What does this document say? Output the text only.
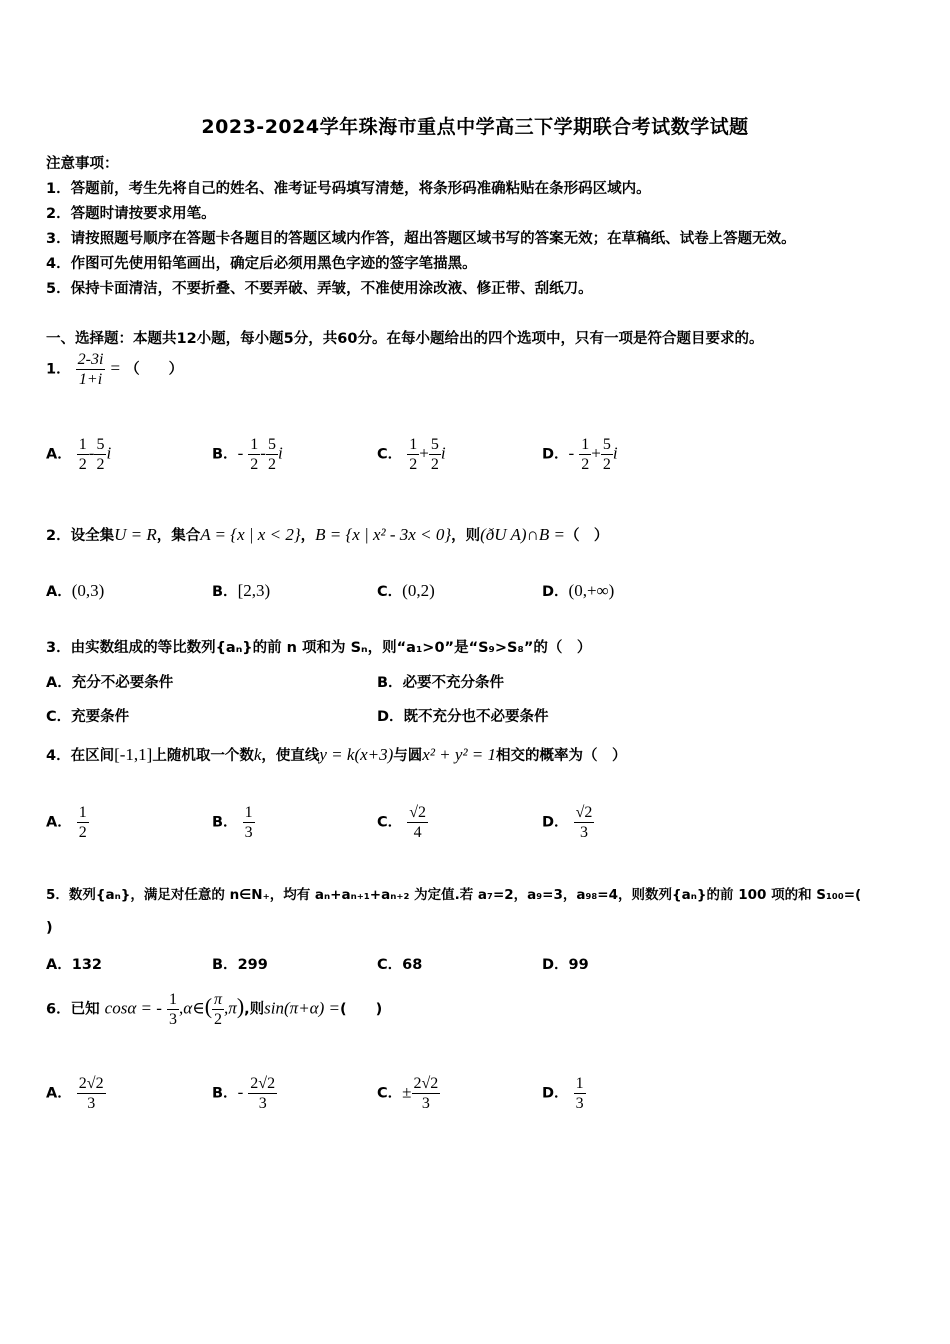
2023-2024学年珠海市重点中学高三下学期联合考试数学试题
注意事项：
1．答题前，考生先将自己的姓名、准考证号码填写清楚，将条形码准确粘贴在条形码区域内。
2．答题时请按要求用笔。
3．请按照题号顺序在答题卡各题目的答题区域内作答，超出答题区域书写的答案无效；在草稿纸、试卷上答题无效。
4．作图可先使用铅笔画出，确定后必须用黑色字迹的签字笔描黑。
5．保持卡面清洁，不要折叠、不要弄破、弄皱，不准使用涂改液、修正带、刮纸刀。
一、选择题：本题共12小题，每小题5分，共60分。在每小题给出的四个选项中，只有一项是符合题目要求的。
1． $\frac{2-3i}{1+i}$ = （　　）
A． $\frac{1}{2} - \frac{5}{2}$ i	B．- $\frac{1}{2} - \frac{5}{2}$ i	C． $\frac{1}{2} + \frac{5}{2}$ i	D．- $\frac{1}{2} + \frac{5}{2}$ i
2．设全集U = R，集合A = {x | x < 2}，B = {x | x² - 3x < 0}，则(ðU A)∩B =（　）
A．(0,3)	B．[2,3)	C．(0,2)	D．(0,+∞)
3．由实数组成的等比数列{aₙ}的前 n 项和为 Sₙ，则“a₁>0”是“S₉>S₈”的（　）
A．充分不必要条件	B．必要不充分条件
C．充要条件	D．既不充分也不必要条件
4．在区间[-1,1]上随机取一个数k，使直线y = k(x+3)与圆x² + y² = 1相交的概率为（　）
A． $\frac{1}{2}$	B． $\frac{1}{3}$	C． $\frac{√2}{4}$	D． $\frac{√2}{3}$
5．数列{aₙ}，满足对任意的 n∈N₊，均有 aₙ+aₙ₊₁+aₙ₊₂ 为定值.若 a₇=2，a₉=3，a₉₈=4，则数列{aₙ}的前 100 项的和 S₁₀₀=(
)
A．132	B．299	C．68	D．99
6．已知 cosα = - $\frac{1}{3}$ ,α∈( $\frac{\pi}{2} ,\pi$),则sin(π+α) =(　　)
A． $\frac{2√2}{3}$	B．- $\frac{2√2}{3}$	C．± $\frac{2√2}{3}$	D． $\frac{1}{3}$
